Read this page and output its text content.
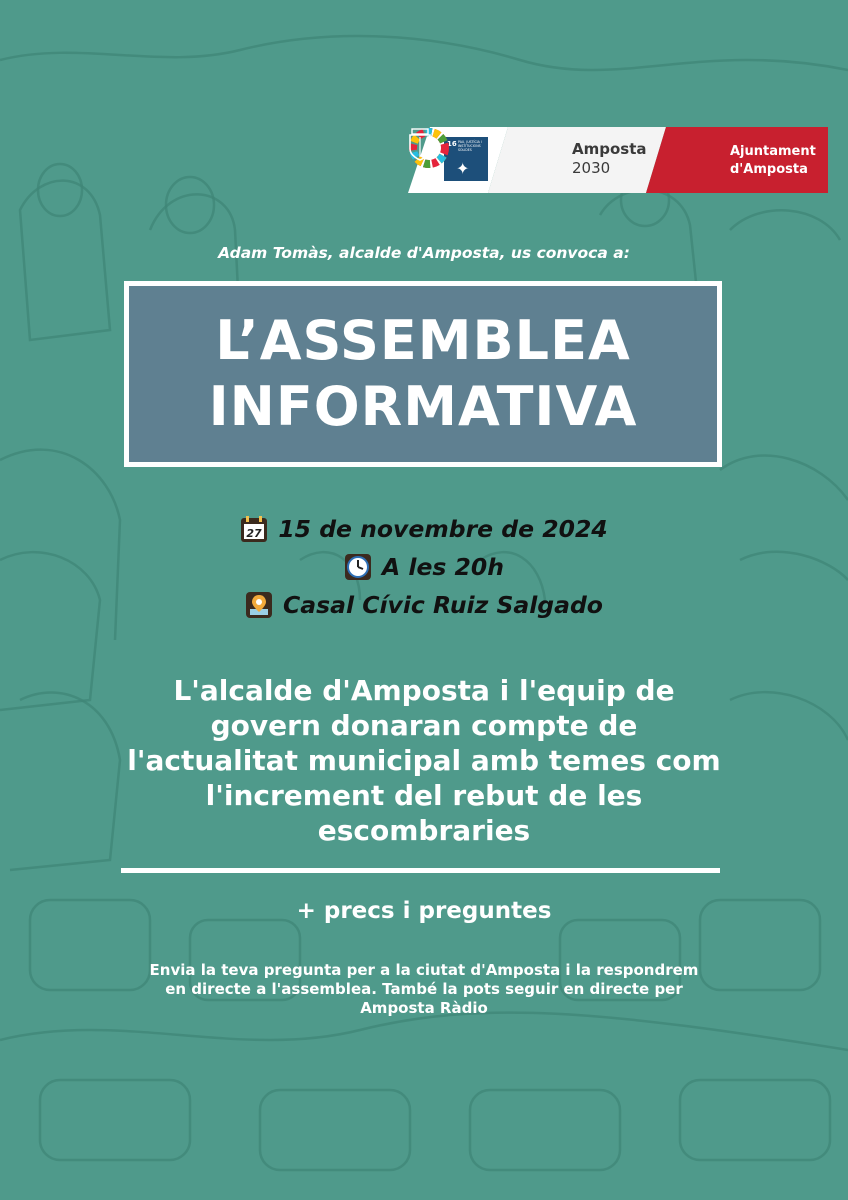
16 PAU, JUSTÍCIA I INSTITUCIONS SÒLIDES
✦
Amposta
2030
Ajuntament
d'Amposta
Adam Tomàs, alcalde d'Amposta, us convoca a:
L’ASSEMBLEA
INFORMATIVA
27 15 de novembre de 2024
A les 20h
Casal Cívic Ruiz Salgado
L'alcalde d'Amposta i l'equip de govern donaran compte de l'actualitat municipal amb temes com l'increment del rebut de les escombraries
+ precs i preguntes
Envia la teva pregunta per a la ciutat d'Amposta i la respondrem en directe a l'assemblea. També la pots seguir en directe per Amposta Ràdio
